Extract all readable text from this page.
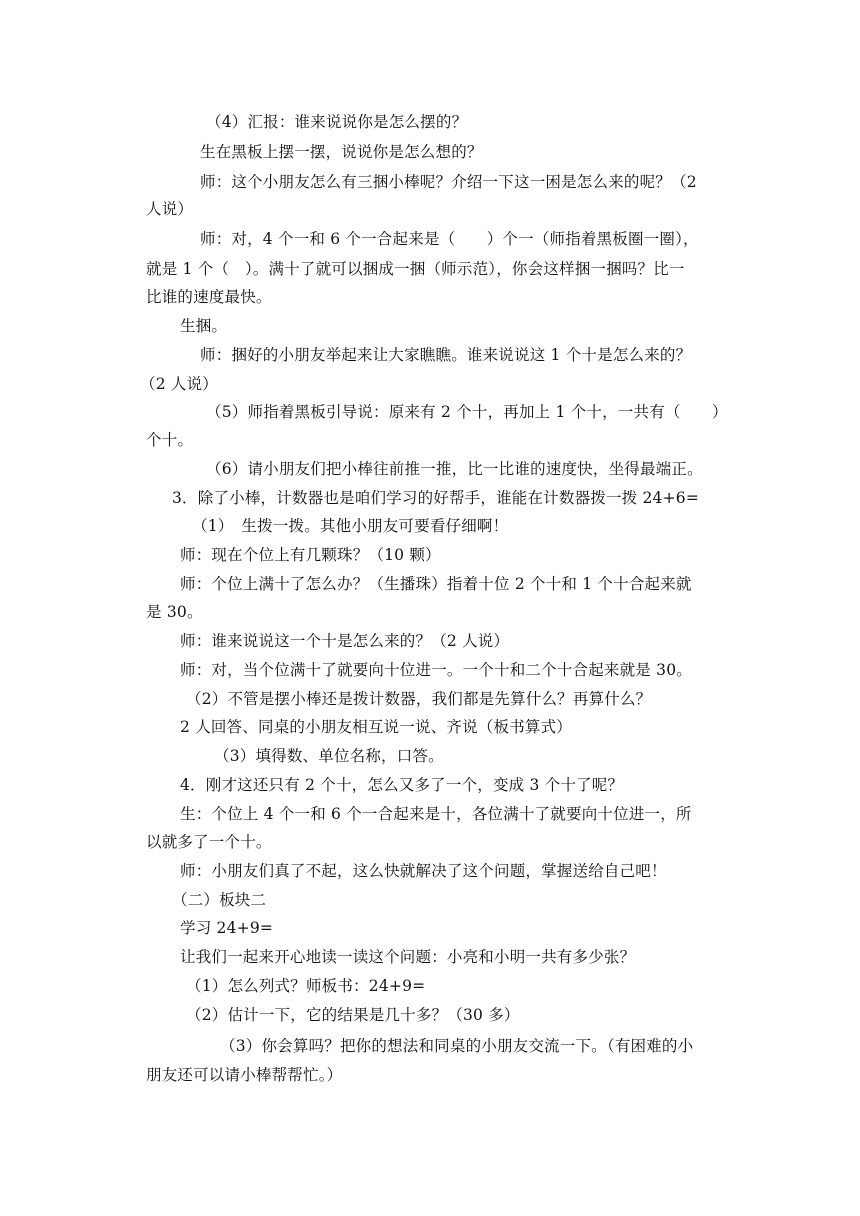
（4）汇报：谁来说说你是怎么摆的？
生在黑板上摆一摆，说说你是怎么想的？
师：这个小朋友怎么有三捆小棒呢？介绍一下这一困是怎么来的呢？（2
人说）
师：对，4 个一和 6 个一合起来是（　　）个一（师指着黑板圈一圈），
就是 1 个（　）。满十了就可以捆成一捆（师示范），你会这样捆一捆吗？比一
比谁的速度最快。
生捆。
师：捆好的小朋友举起来让大家瞧瞧。谁来说说这 1 个十是怎么来的？
（2 人说）
（5）师指着黑板引导说：原来有 2 个十，再加上 1 个十，一共有（　　）
个十。
（6）请小朋友们把小棒往前推一推，比一比谁的速度快，坐得最端正。
3．除了小棒，计数器也是咱们学习的好帮手，谁能在计数器拨一拨 24+6=
（1）　生拨一拨。其他小朋友可要看仔细啊！
师：现在个位上有几颗珠？（10 颗）
师：个位上满十了怎么办？（生播珠）指着十位 2 个十和 1 个十合起来就
是 30。
师：谁来说说这一个十是怎么来的？（2 人说）
师：对，当个位满十了就要向十位进一。一个十和二个十合起来就是 30。
（2）不管是摆小棒还是拨计数器，我们都是先算什么？再算什么？
2 人回答、同桌的小朋友相互说一说、齐说（板书算式）
（3）填得数、单位名称，口答。
4．刚才这还只有 2 个十，怎么又多了一个，变成 3 个十了呢？
生：个位上 4 个一和 6 个一合起来是十，各位满十了就要向十位进一，所
以就多了一个十。
师：小朋友们真了不起，这么快就解决了这个问题，掌握送给自己吧！
（二）板块二
学习 24+9=
让我们一起来开心地读一读这个问题：小亮和小明一共有多少张？
（1）怎么列式？师板书：24+9=
（2）估计一下，它的结果是几十多？（30 多）
（3）你会算吗？把你的想法和同桌的小朋友交流一下。（有困难的小
朋友还可以请小棒帮帮忙。）
